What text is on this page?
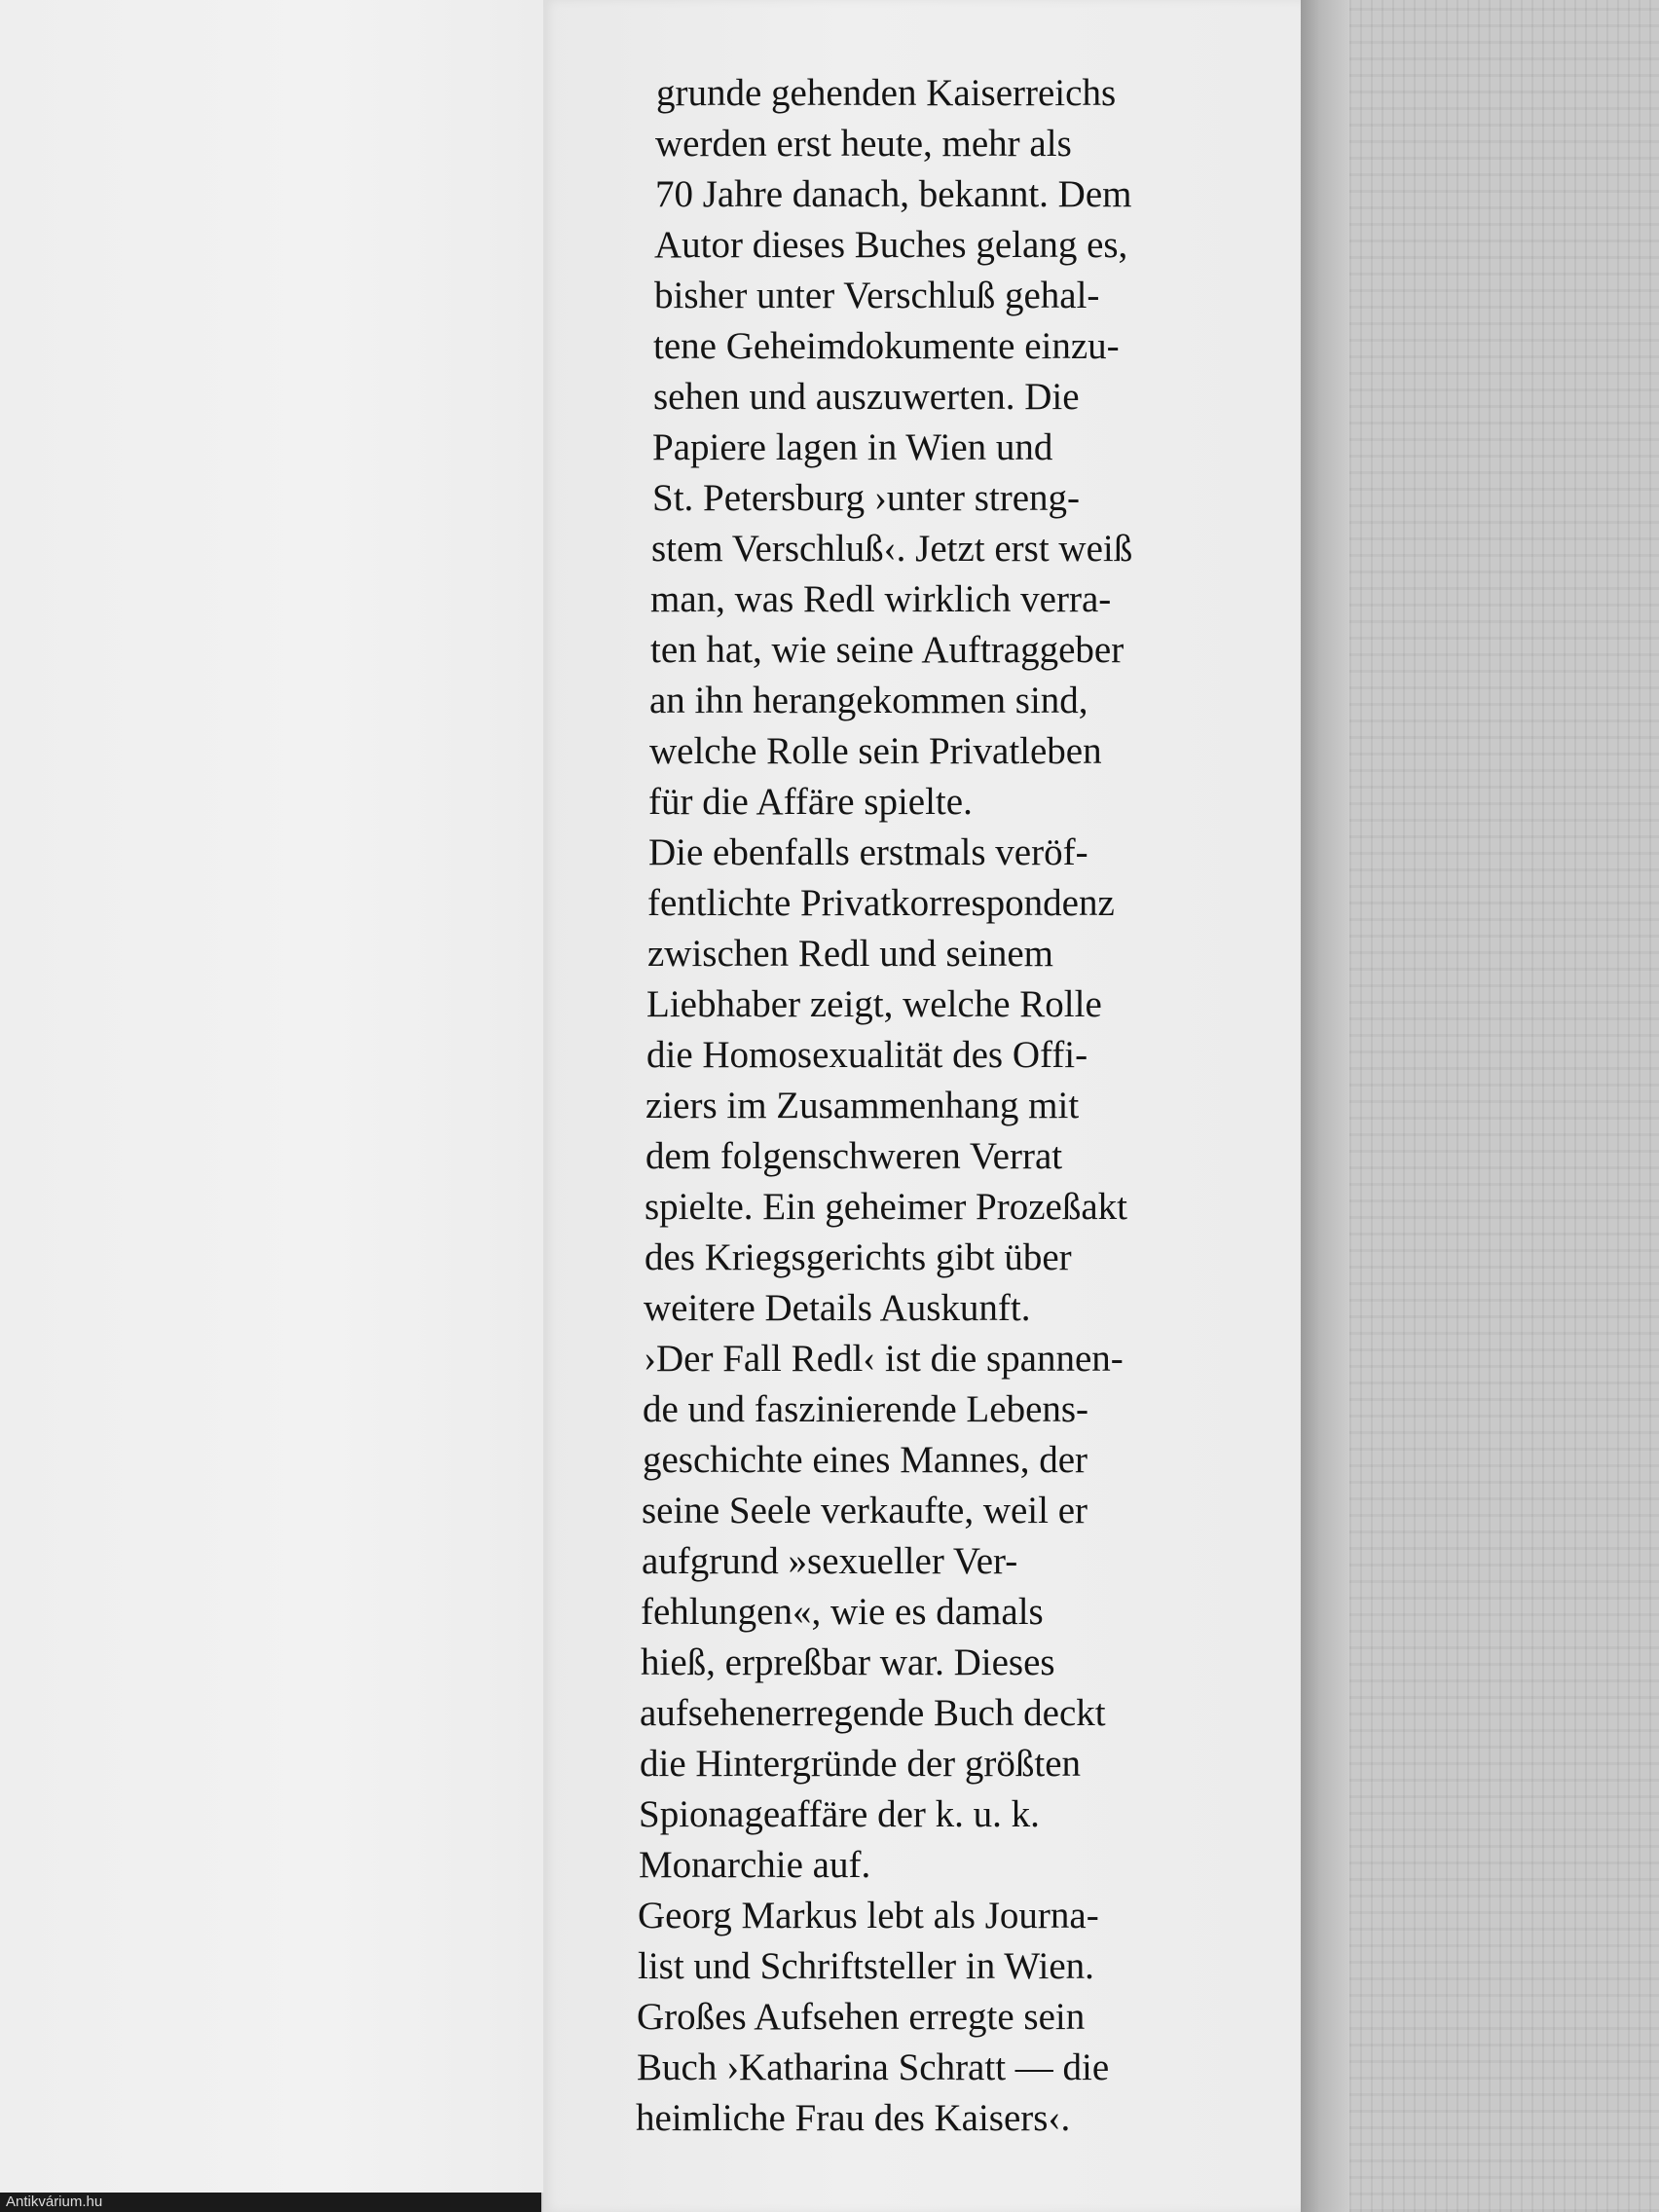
grunde gehenden Kaiserreichs
werden erst heute, mehr als
70 Jahre danach, bekannt. Dem
Autor dieses Buches gelang es,
bisher unter Verschluß gehal-
tene Geheimdokumente einzu-
sehen und auszuwerten. Die
Papiere lagen in Wien und
St. Petersburg ›unter streng-
stem Verschluß‹. Jetzt erst weiß
man, was Redl wirklich verra-
ten hat, wie seine Auftraggeber
an ihn herangekommen sind,
welche Rolle sein Privatleben
für die Affäre spielte.
Die ebenfalls erstmals veröf-
fentlichte Privatkorrespondenz
zwischen Redl und seinem
Liebhaber zeigt, welche Rolle
die Homosexualität des Offi-
ziers im Zusammenhang mit
dem folgenschweren Verrat
spielte. Ein geheimer Prozeßakt
des Kriegsgerichts gibt über
weitere Details Auskunft.
›Der Fall Redl‹ ist die spannen-
de und faszinierende Lebens-
geschichte eines Mannes, der
seine Seele verkaufte, weil er
aufgrund »sexueller Ver-
fehlungen«, wie es damals
hieß, erpreßbar war. Dieses
aufsehenerregende Buch deckt
die Hintergründe der größten
Spionageaffäre der k. u. k.
Monarchie auf.
Georg Markus lebt als Journa-
list und Schriftsteller in Wien.
Großes Aufsehen erregte sein
Buch ›Katharina Schratt — die
heimliche Frau des Kaisers‹.
Antikvárium.hu
